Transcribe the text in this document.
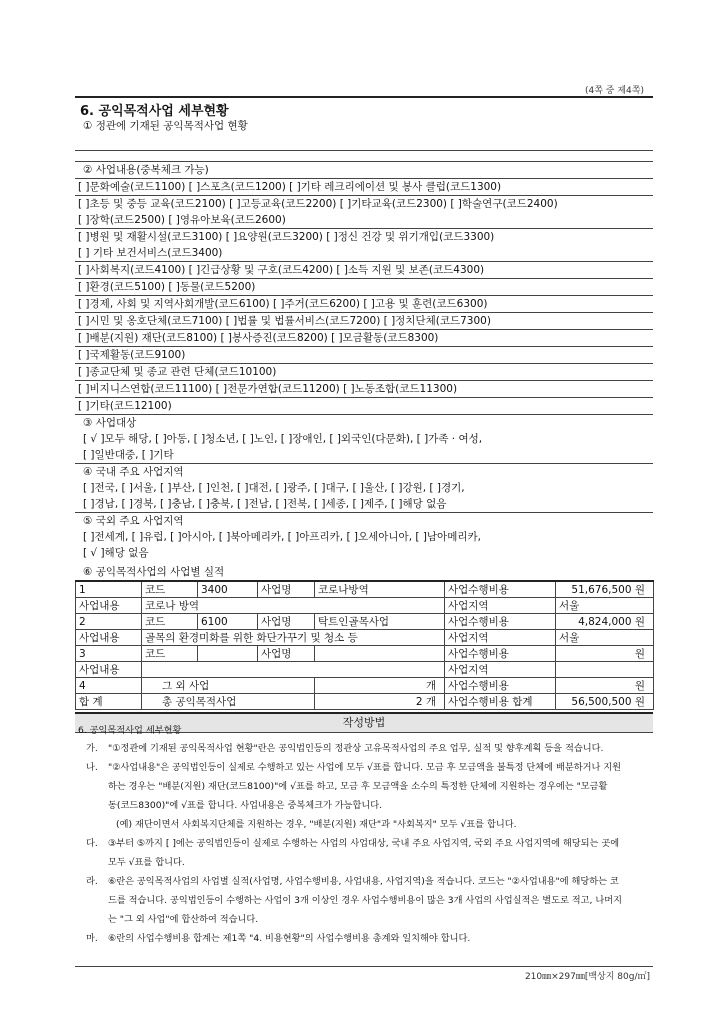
(4쪽 중 제4쪽)
6. 공익목적사업 세부현황
① 정관에 기재된 공익목적사업 현황
② 사업내용(중복체크 가능)
[ ]문화예술(코드1100) [ ]스포츠(코드1200) [ ]기타 레크리에이션 및 봉사 클럽(코드1300)
[ ]초등 및 중등 교육(코드2100) [ ]고등교육(코드2200) [ ]기타교육(코드2300) [ ]학술연구(코드2400)
[ ]장학(코드2500) [ ]영유아보육(코드2600)
[ ]병원 및 재활시설(코드3100) [ ]요양원(코드3200) [ ]정신 건강 및 위기개입(코드3300)
[ ] 기타 보건서비스(코드3400)
[ ]사회복지(코드4100) [ ]긴급상황 및 구호(코드4200) [ ]소득 지원 및 보존(코드4300)
[ ]환경(코드5100) [ ]동물(코드5200)
[ ]경제, 사회 및 지역사회개발(코드6100) [ ]주거(코드6200) [ ]고용 및 훈련(코드6300)
[ ]시민 및 옹호단체(코드7100) [ ]법률 및 법률서비스(코드7200) [ ]정치단체(코드7300)
[ ]배분(지원) 재단(코드8100) [ ]봉사증진(코드8200) [ ]모금활동(코드8300)
[ ]국제활동(코드9100)
[ ]종교단체 및 종교 관련 단체(코드10100)
[ ]비지니스연합(코드11100) [ ]전문가연합(코드11200) [ ]노동조합(코드11300)
[ ]기타(코드12100)
③ 사업대상
[ √ ]모두 해당, [ ]아동, [ ]청소년, [ ]노인, [ ]장애인, [ ]외국인(다문화), [ ]가족 · 여성,
[ ]일반대중, [ ]기타
④ 국내 주요 사업지역
[ ]전국, [ ]서울, [ ]부산, [ ]인천, [ ]대전, [ ]광주, [ ]대구, [ ]울산, [ ]강원, [ ]경기,
[ ]경남, [ ]경북, [ ]충남, [ ]충북, [ ]전남, [ ]전북, [ ]세종, [ ]제주, [ ]해당 없음
⑤ 국외 주요 사업지역
[ ]전세계, [ ]유럽, [ ]아시아, [ ]북아메리카, [ ]아프리카, [ ]오세아니아, [ ]남아메리카,
[ √ ]해당 없음
⑥ 공익목적사업의 사업별 실적
1	코드	3400	사업명	코로나방역	사업수행비용	51,676,500 원
사업내용	코로나 방역				사업지역	서울
2	코드	6100	사업명	탁트인골목사업	사업수행비용	4,824,000 원
사업내용	골목의 환경미화를 위한 화단가꾸기 및 청소 등				사업지역	서울
3	코드		사업명		사업수행비용	원
사업내용					사업지역	
4	그 외 사업			개	사업수행비용	원
합 계	총 공익목적사업			2 개	사업수행비용 합계	56,500,500 원
작성방법
6. 공익목적사업 세부현황
가.	"①정관에 기재된 공익목적사업 현황"란은 공익법인등의 정관상 고유목적사업의 주요 업무, 실적 및 향후계획 등을 적습니다.
나.	"②사업내용"은 공익법인등이 실제로 수행하고 있는 사업에 모두 √표를 합니다. 모금 후 모금액을 불특정 단체에 배분하거나 지원
하는 경우는 "배분(지원) 재단(코드8100)"에 √표를 하고, 모금 후 모금액을 소수의 특정한 단체에 지원하는 경우에는 "모금활
동(코드8300)"에 √표를 합니다. 사업내용은 중복체크가 가능합니다.
(예) 재단이면서 사회복지단체를 지원하는 경우, "배분(지원) 재단"과 "사회복지" 모두 √표를 합니다.
다.	③부터 ⑤까지 [ ]에는 공익법인등이 실제로 수행하는 사업의 사업대상, 국내 주요 사업지역, 국외 주요 사업지역에 해당되는 곳에
모두 √표를 합니다.
라.	⑥란은 공익목적사업의 사업별 실적(사업명, 사업수행비용, 사업내용, 사업지역)을 적습니다. 코드는 "②사업내용"에 해당하는 코
드를 적습니다. 공익법인등이 수행하는 사업이 3개 이상인 경우 사업수행비용이 많은 3개 사업의 사업실적은 별도로 적고, 나머지
는 "그 외 사업"에 합산하여 적습니다.
마.	⑥란의 사업수행비용 합계는 제1쪽 "4. 비용현황"의 사업수행비용 총계와 일치해야 합니다.
210㎜×297㎜[백상지 80g/㎡]
